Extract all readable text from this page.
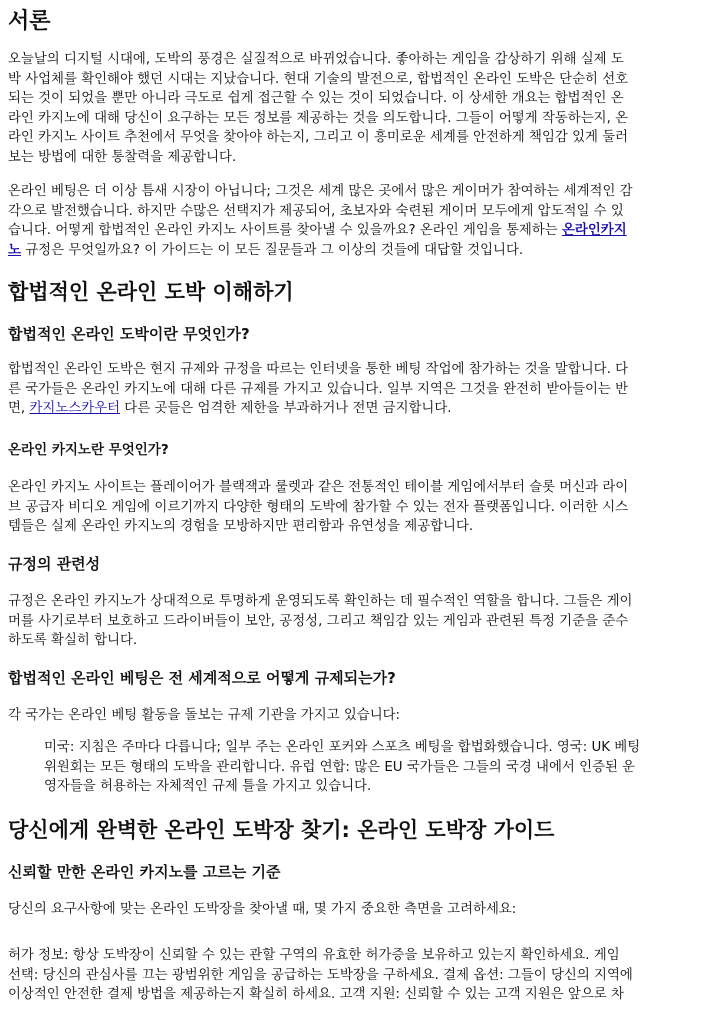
서론
오늘날의 디지털 시대에, 도박의 풍경은 실질적으로 바뀌었습니다. 좋아하는 게임을 감상하기 위해 실제 도
박 사업체를 확인해야 했던 시대는 지났습니다. 현대 기술의 발전으로, 합법적인 온라인 도박은 단순히 선호
되는 것이 되었을 뿐만 아니라 극도로 쉽게 접근할 수 있는 것이 되었습니다. 이 상세한 개요는 합법적인 온
라인 카지노에 대해 당신이 요구하는 모든 정보를 제공하는 것을 의도합니다. 그들이 어떻게 작동하는지, 온
라인 카지노 사이트 추천에서 무엇을 찾아야 하는지, 그리고 이 흥미로운 세계를 안전하게 책임감 있게 둘러
보는 방법에 대한 통찰력을 제공합니다.
온라인 베팅은 더 이상 틈새 시장이 아닙니다; 그것은 세계 많은 곳에서 많은 게이머가 참여하는 세계적인 감
각으로 발전했습니다. 하지만 수많은 선택지가 제공되어, 초보자와 숙련된 게이머 모두에게 압도적일 수 있
습니다. 어떻게 합법적인 온라인 카지노 사이트를 찾아낼 수 있을까요? 온라인 게임을 통제하는 온라인카지
노 규정은 무엇일까요? 이 가이드는 이 모든 질문들과 그 이상의 것들에 대답할 것입니다.
합법적인 온라인 도박 이해하기
합법적인 온라인 도박이란 무엇인가?
합법적인 온라인 도박은 현지 규제와 규정을 따르는 인터넷을 통한 베팅 작업에 참가하는 것을 말합니다. 다
른 국가들은 온라인 카지노에 대해 다른 규제를 가지고 있습니다. 일부 지역은 그것을 완전히 받아들이는 반
면, 카지노스카우터 다른 곳들은 엄격한 제한을 부과하거나 전면 금지합니다.
온라인 카지노란 무엇인가?
온라인 카지노 사이트는 플레이어가 블랙잭과 룰렛과 같은 전통적인 테이블 게임에서부터 슬롯 머신과 라이
브 공급자 비디오 게임에 이르기까지 다양한 형태의 도박에 참가할 수 있는 전자 플랫폼입니다. 이러한 시스
템들은 실제 온라인 카지노의 경험을 모방하지만 편리함과 유연성을 제공합니다.
규정의 관련성
규정은 온라인 카지노가 상대적으로 투명하게 운영되도록 확인하는 데 필수적인 역할을 합니다. 그들은 게이
머를 사기로부터 보호하고 드라이버들이 보안, 공정성, 그리고 책임감 있는 게임과 관련된 특정 기준을 준수
하도록 확실히 합니다.
합법적인 온라인 베팅은 전 세계적으로 어떻게 규제되는가?
각 국가는 온라인 베팅 활동을 돌보는 규제 기관을 가지고 있습니다:
미국: 지침은 주마다 다릅니다; 일부 주는 온라인 포커와 스포츠 베팅을 합법화했습니다. 영국: UK 베팅
위원회는 모든 형태의 도박을 관리합니다. 유럽 연합: 많은 EU 국가들은 그들의 국경 내에서 인증된 운
영자들을 허용하는 자체적인 규제 틀을 가지고 있습니다.
당신에게 완벽한 온라인 도박장 찾기: 온라인 도박장 가이드
신뢰할 만한 온라인 카지노를 고르는 기준
당신의 요구사항에 맞는 온라인 도박장을 찾아낼 때, 몇 가지 중요한 측면을 고려하세요:
허가 정보: 항상 도박장이 신뢰할 수 있는 관할 구역의 유효한 허가증을 보유하고 있는지 확인하세요. 게임
선택: 당신의 관심사를 끄는 광범위한 게임을 공급하는 도박장을 구하세요. 결제 옵션: 그들이 당신의 지역에
이상적인 안전한 결제 방법을 제공하는지 확실히 하세요. 고객 지원: 신뢰할 수 있는 고객 지원은 앞으로 차
